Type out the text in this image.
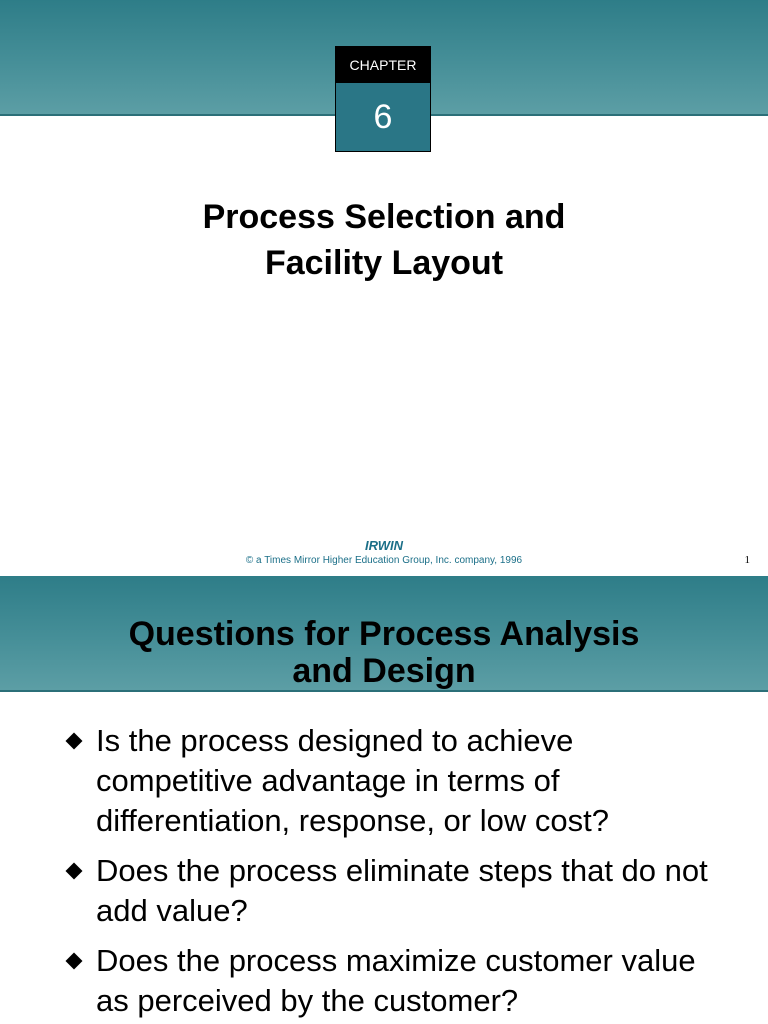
CHAPTER
6
Process Selection and
Facility Layout
IRWIN
© a Times Mirror Higher Education Group, Inc. company, 1996	1
Questions for Process Analysis
and Design
Is the process designed to achieve competitive advantage in terms of differentiation, response, or low cost?
Does the process eliminate steps that do not add value?
Does the process maximize customer value as perceived by the customer?
